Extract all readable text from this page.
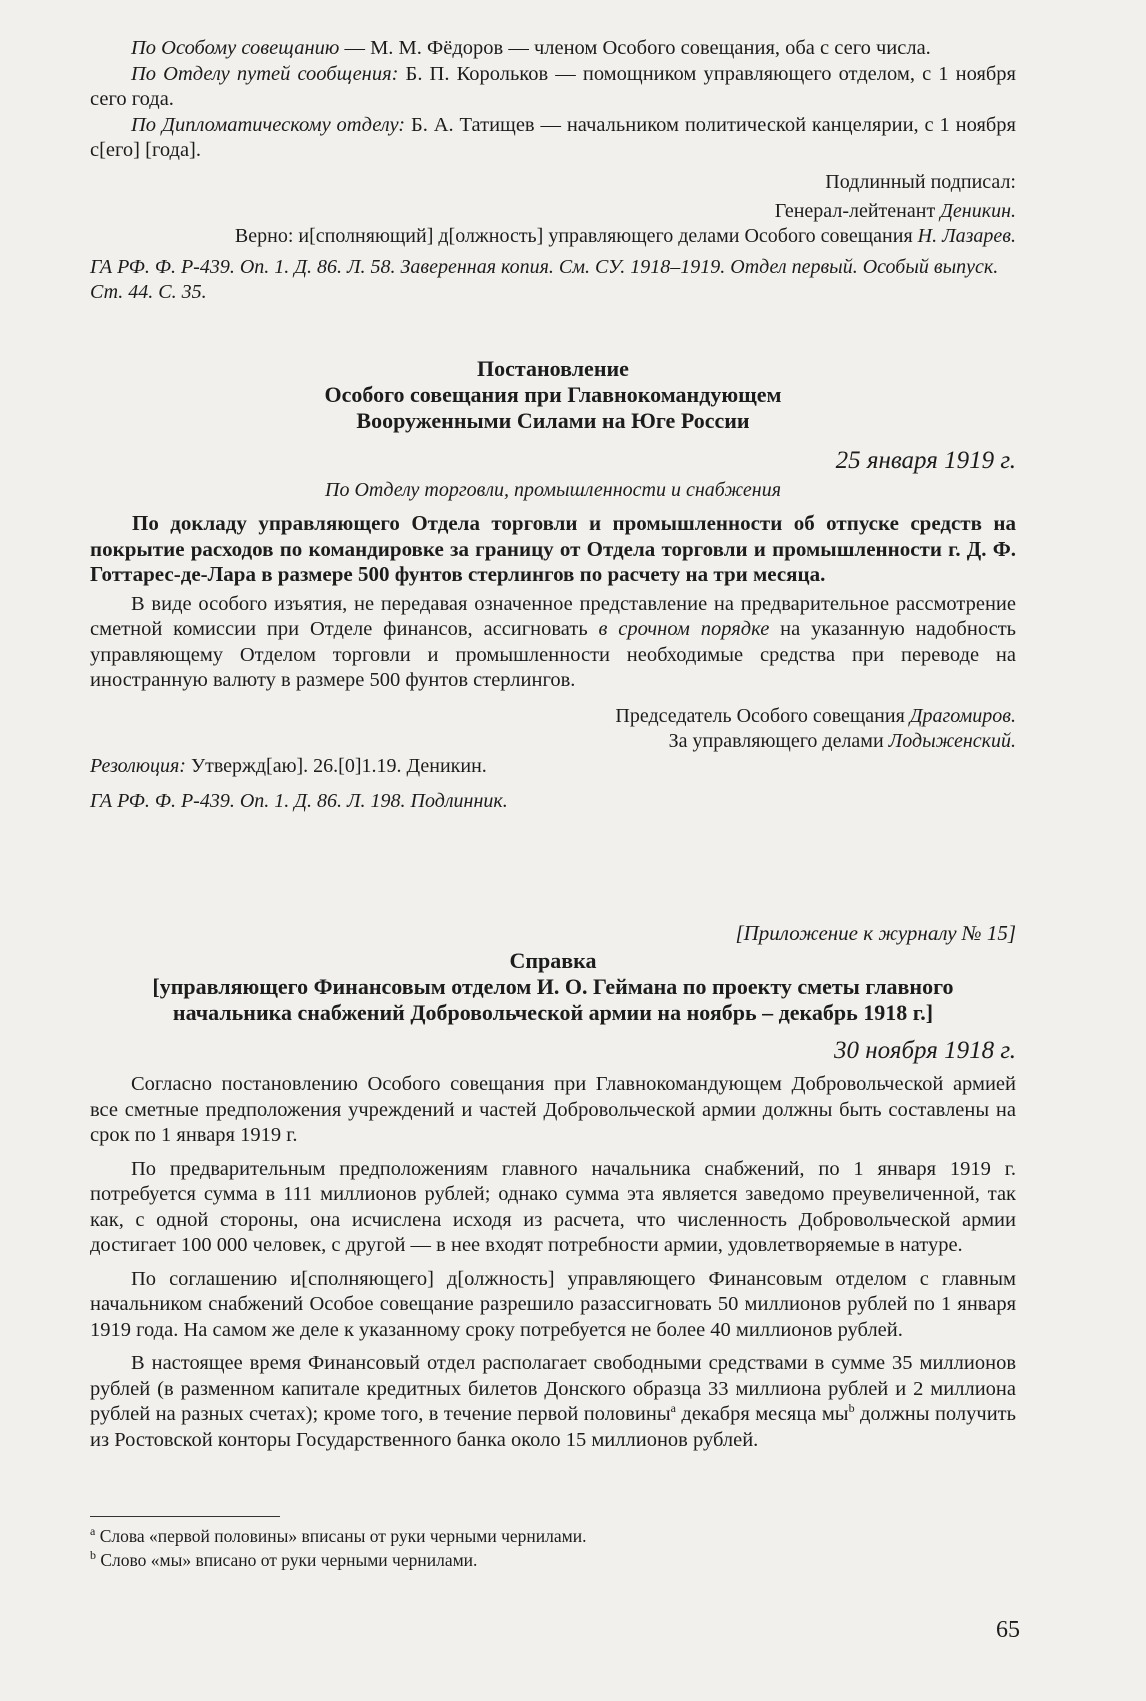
По Особому совещанию — М. М. Фёдоров — членом Особого совещания, оба с сего числа.

По Отделу путей сообщения: Б. П. Корольков — помощником управляющего отделом, с 1 ноября сего года.

По Дипломатическому отделу: Б. А. Татищев — начальником политической канцелярии, с 1 ноября с[его] [года].

Подлинный подписал:

Генерал-лейтенант Деникин.

Верно: и[сполняющий] д[олжность] управляющего делами Особого совещания Н. Лазарев.

ГА РФ. Ф. Р-439. Оп. 1. Д. 86. Л. 58. Заверенная копия. См. СУ. 1918–1919. Отдел первый. Особый выпуск. Ст. 44. С. 35.

Постановление

Особого совещания при Главнокомандующем

Вооруженными Силами на Юге России

25 января 1919 г.

По Отделу торговли, промышленности и снабжения

По докладу управляющего Отдела торговли и промышленности об отпуске средств на покрытие расходов по командировке за границу от Отдела торговли и промышленности г. Д. Ф. Готтарес-де-Лара в размере 500 фунтов стерлингов по расчету на три месяца.

В виде особого изъятия, не передавая означенное представление на предварительное рассмотрение сметной комиссии при Отделе финансов, ассигновать в срочном порядке на указанную надобность управляющему Отделом торговли и промышленности необходимые средства при переводе на иностранную валюту в размере 500 фунтов стерлингов.

Председатель Особого совещания Драгомиров.

За управляющего делами Лодыженский.

Резолюция: Утвержд[аю]. 26.[0]1.19. Деникин.

ГА РФ. Ф. Р-439. Оп. 1. Д. 86. Л. 198. Подлинник.

[Приложение к журналу № 15]

Справка

[управляющего Финансовым отделом И. О. Геймана по проекту сметы главного

начальника снабжений Добровольческой армии на ноябрь – декабрь 1918 г.]

30 ноября 1918 г.

Согласно постановлению Особого совещания при Главнокомандующем Добровольческой армией все сметные предположения учреждений и частей Добровольческой армии должны быть составлены на срок по 1 января 1919 г.

По предварительным предположениям главного начальника снабжений, по 1 января 1919 г. потребуется сумма в 111 миллионов рублей; однако сумма эта является заведомо преувеличенной, так как, с одной стороны, она исчислена исходя из расчета, что численность Добровольческой армии достигает 100 000 человек, с другой — в нее входят потребности армии, удовлетворяемые в натуре.

По соглашению и[сполняющего] д[олжность] управляющего Финансовым отделом с главным начальником снабжений Особое совещание разрешило разассигновать 50 миллионов рублей по 1 января 1919 года. На самом же деле к указанному сроку потребуется не более 40 миллионов рублей.

В настоящее время Финансовый отдел располагает свободными средствами в сумме 35 миллионов рублей (в разменном капитале кредитных билетов Донского образца 33 миллиона рублей и 2 миллиона рублей на разных счетах); кроме того, в течение первой половины$^a$ декабря месяца $мы^b$ должны получить из Ростовской конторы Государственного банка около 15 миллионов рублей.

$^a$ Слова «первой половины» вписаны от руки черными чернилами.

$^b$ Слово «мы» вписано от руки черными чернилами.

65
